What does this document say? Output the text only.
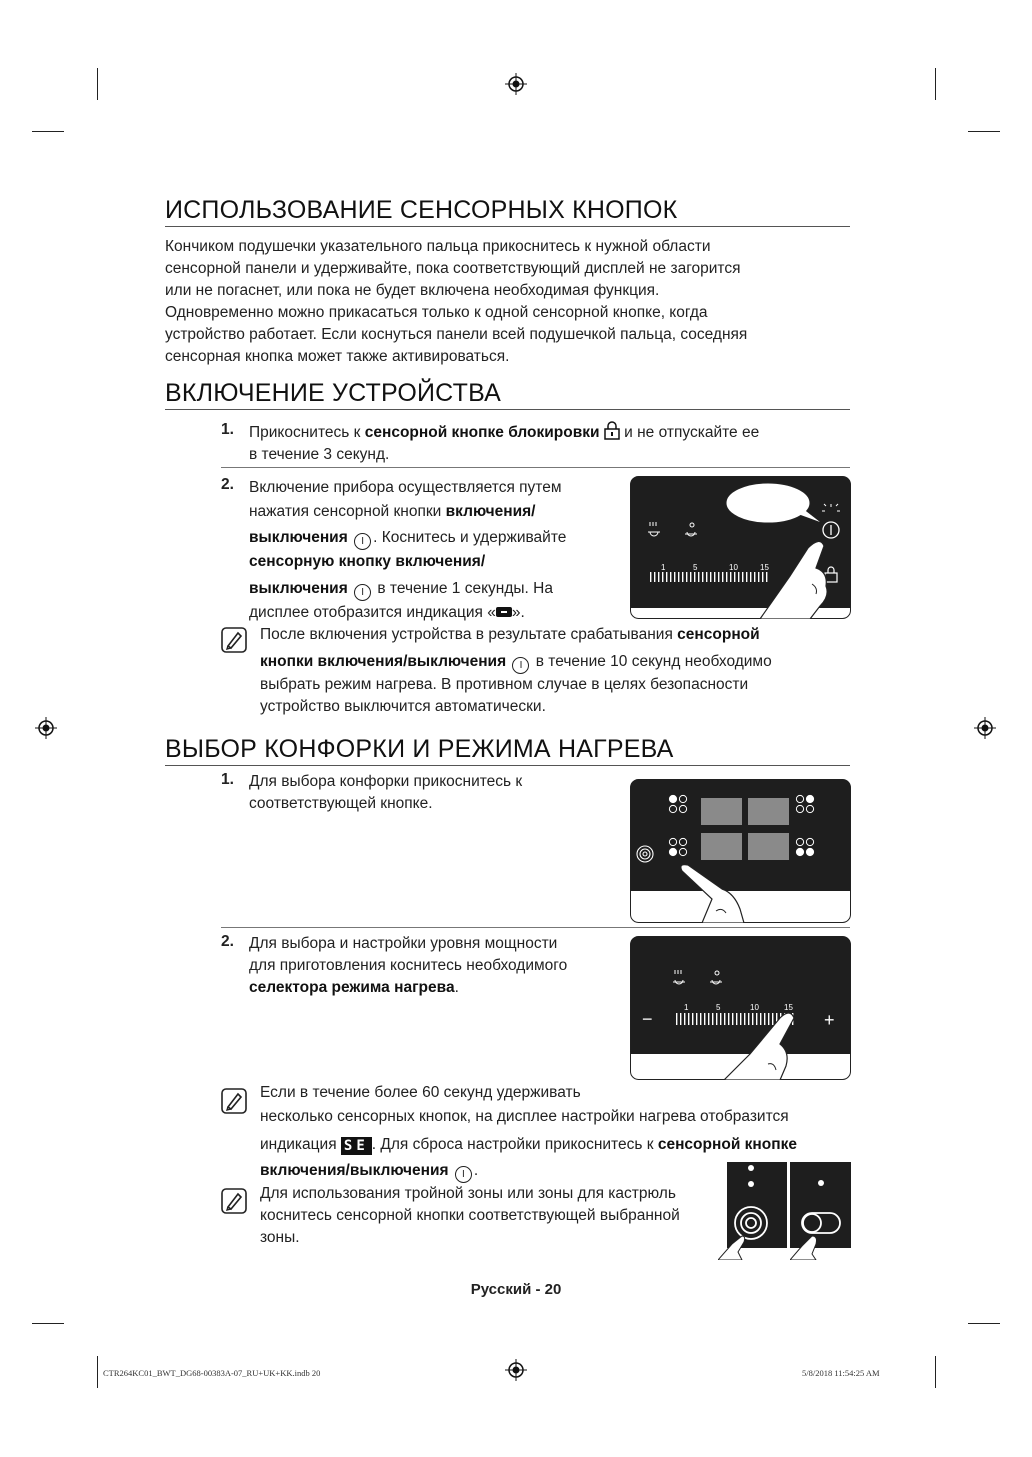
ИСПОЛЬЗОВАНИЕ СЕНСОРНЫХ КНОПОК
Кончиком подушечки указательного пальца прикоснитесь к нужной области
сенсорной панели и удерживайте, пока соответствующий дисплей не загорится
или не погаснет, или пока не будет включена необходимая функция.
Одновременно можно прикасаться только к одной сенсорной кнопке, когда
устройство работает. Если коснуться панели всей подушечкой пальца, соседняя
сенсорная кнопка может также активироваться.
ВКЛЮЧЕНИЕ УСТРОЙСТВА
1. Прикоснитесь к сенсорной кнопке блокировки  и не отпускайте ее
в течение 3 секунд.
2. Включение прибора осуществляется путем
нажатия сенсорной кнопки включения/
выключения I . Коснитесь и удерживайте
сенсорную кнопку включения/
выключения I в течение 1 секунды. На
дисплее отобразится индикация « ».
1	5	10	15
После включения устройства в результате срабатывания сенсорной
кнопки включения/выключения I в течение 10 секунд необходимо
выбрать режим нагрева. В противном случае в целях безопасности
устройство выключится автоматически.
ВЫБОР КОНФОРКИ И РЕЖИМА НАГРЕВА
1. Для выбора конфорки прикоснитесь к
соответствующей кнопке.
2. Для выбора и настройки уровня мощности
для приготовления коснитесь необходимого
селектора режима нагрева.
1	5	10	15
−	+
Если в течение более 60 секунд удерживать
несколько сенсорных кнопок, на дисплее настройки нагрева отобразится
индикация SE . Для сброса настройки прикоснитесь к сенсорной кнопке
включения/выключения I .
Для использования тройной зоны или зоны для кастрюль
коснитесь сенсорной кнопки соответствующей выбранной
зоны.
Русский - 20
CTR264KC01_BWT_DG68-00383A-07_RU+UK+KK.indb 20	5/8/2018 11:54:25 AM
